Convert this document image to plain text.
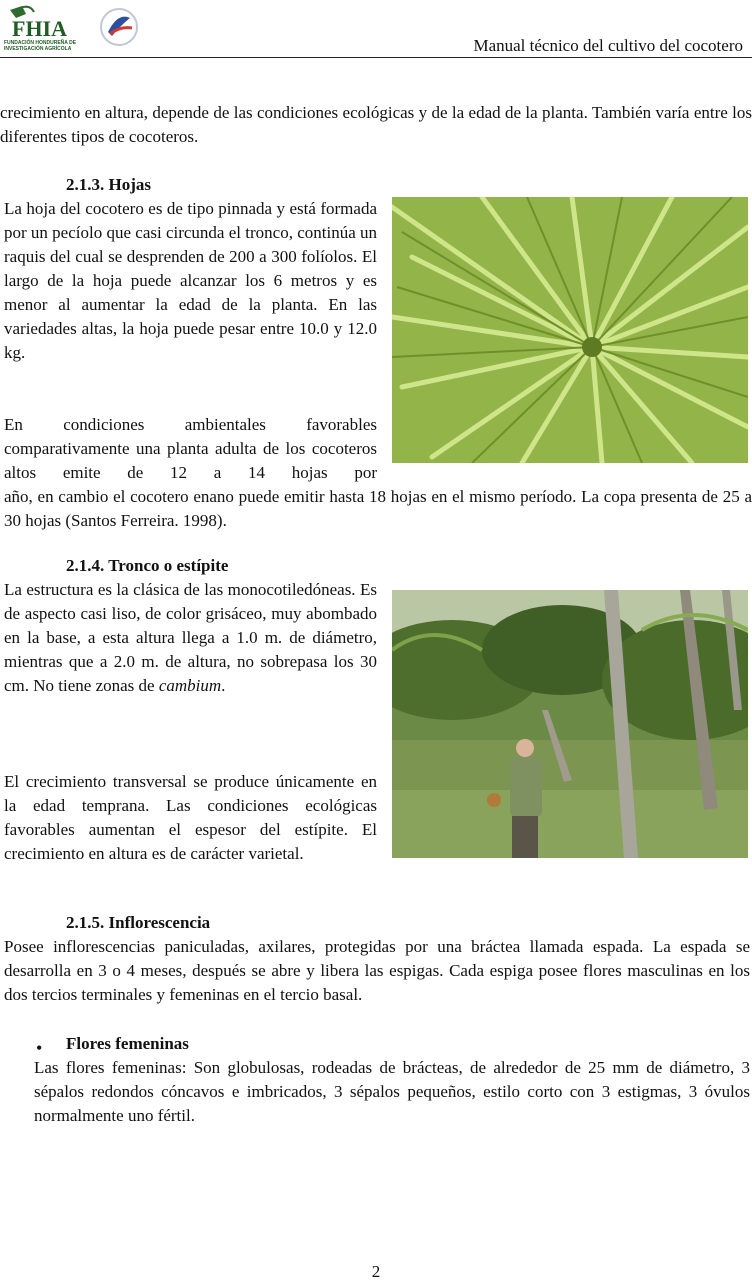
FHIA
FUNDACIÓN HONDUREÑA DE
INVESTIGACIÓN AGRÍCOLA	Manual técnico del cultivo del cocotero
crecimiento en altura, depende de las condiciones ecológicas y de la edad de la planta. También varía entre los diferentes tipos de cocoteros.
2.1.3. Hojas
La hoja del cocotero es de tipo pinnada y está formada por un pecíolo que casi circunda el tronco, continúa un raquis del cual se desprenden de 200 a 300 folíolos. El largo de la hoja puede alcanzar los 6 metros y es menor al aumentar la edad de la planta. En las variedades altas, la hoja puede pesar entre 10.0 y 12.0 kg.
En condiciones ambientales favorables comparativamente una planta adulta de los cocoteros altos emite de 12 a 14 hojas por
año, en cambio el cocotero enano puede emitir hasta 18 hojas en el mismo período. La copa presenta de 25 a 30 hojas (Santos Ferreira. 1998).
2.1.4. Tronco o estípite
La estructura es la clásica de las monocotiledóneas. Es de aspecto casi liso, de color grisáceo, muy abombado en la base, a esta altura llega a 1.0 m. de diámetro, mientras que a 2.0 m. de altura, no sobrepasa los 30 cm. No tiene zonas de cambium.
El crecimiento transversal se produce únicamente en la edad temprana. Las condiciones ecológicas favorables aumentan el espesor del estípite. El crecimiento en altura es de carácter varietal.
2.1.5. Inflorescencia
Posee inflorescencias paniculadas, axilares, protegidas por una bráctea llamada espada. La espada se desarrolla en 3 o 4 meses, después se abre y libera las espigas. Cada espiga posee flores masculinas en los dos tercios terminales y femeninas en el tercio basal.
• Flores femeninas
Las flores femeninas: Son globulosas, rodeadas de brácteas, de alrededor de 25 mm de diámetro, 3 sépalos redondos cóncavos e imbricados, 3 sépalos pequeños, estilo corto con 3 estigmas, 3 óvulos normalmente uno fértil.
2
